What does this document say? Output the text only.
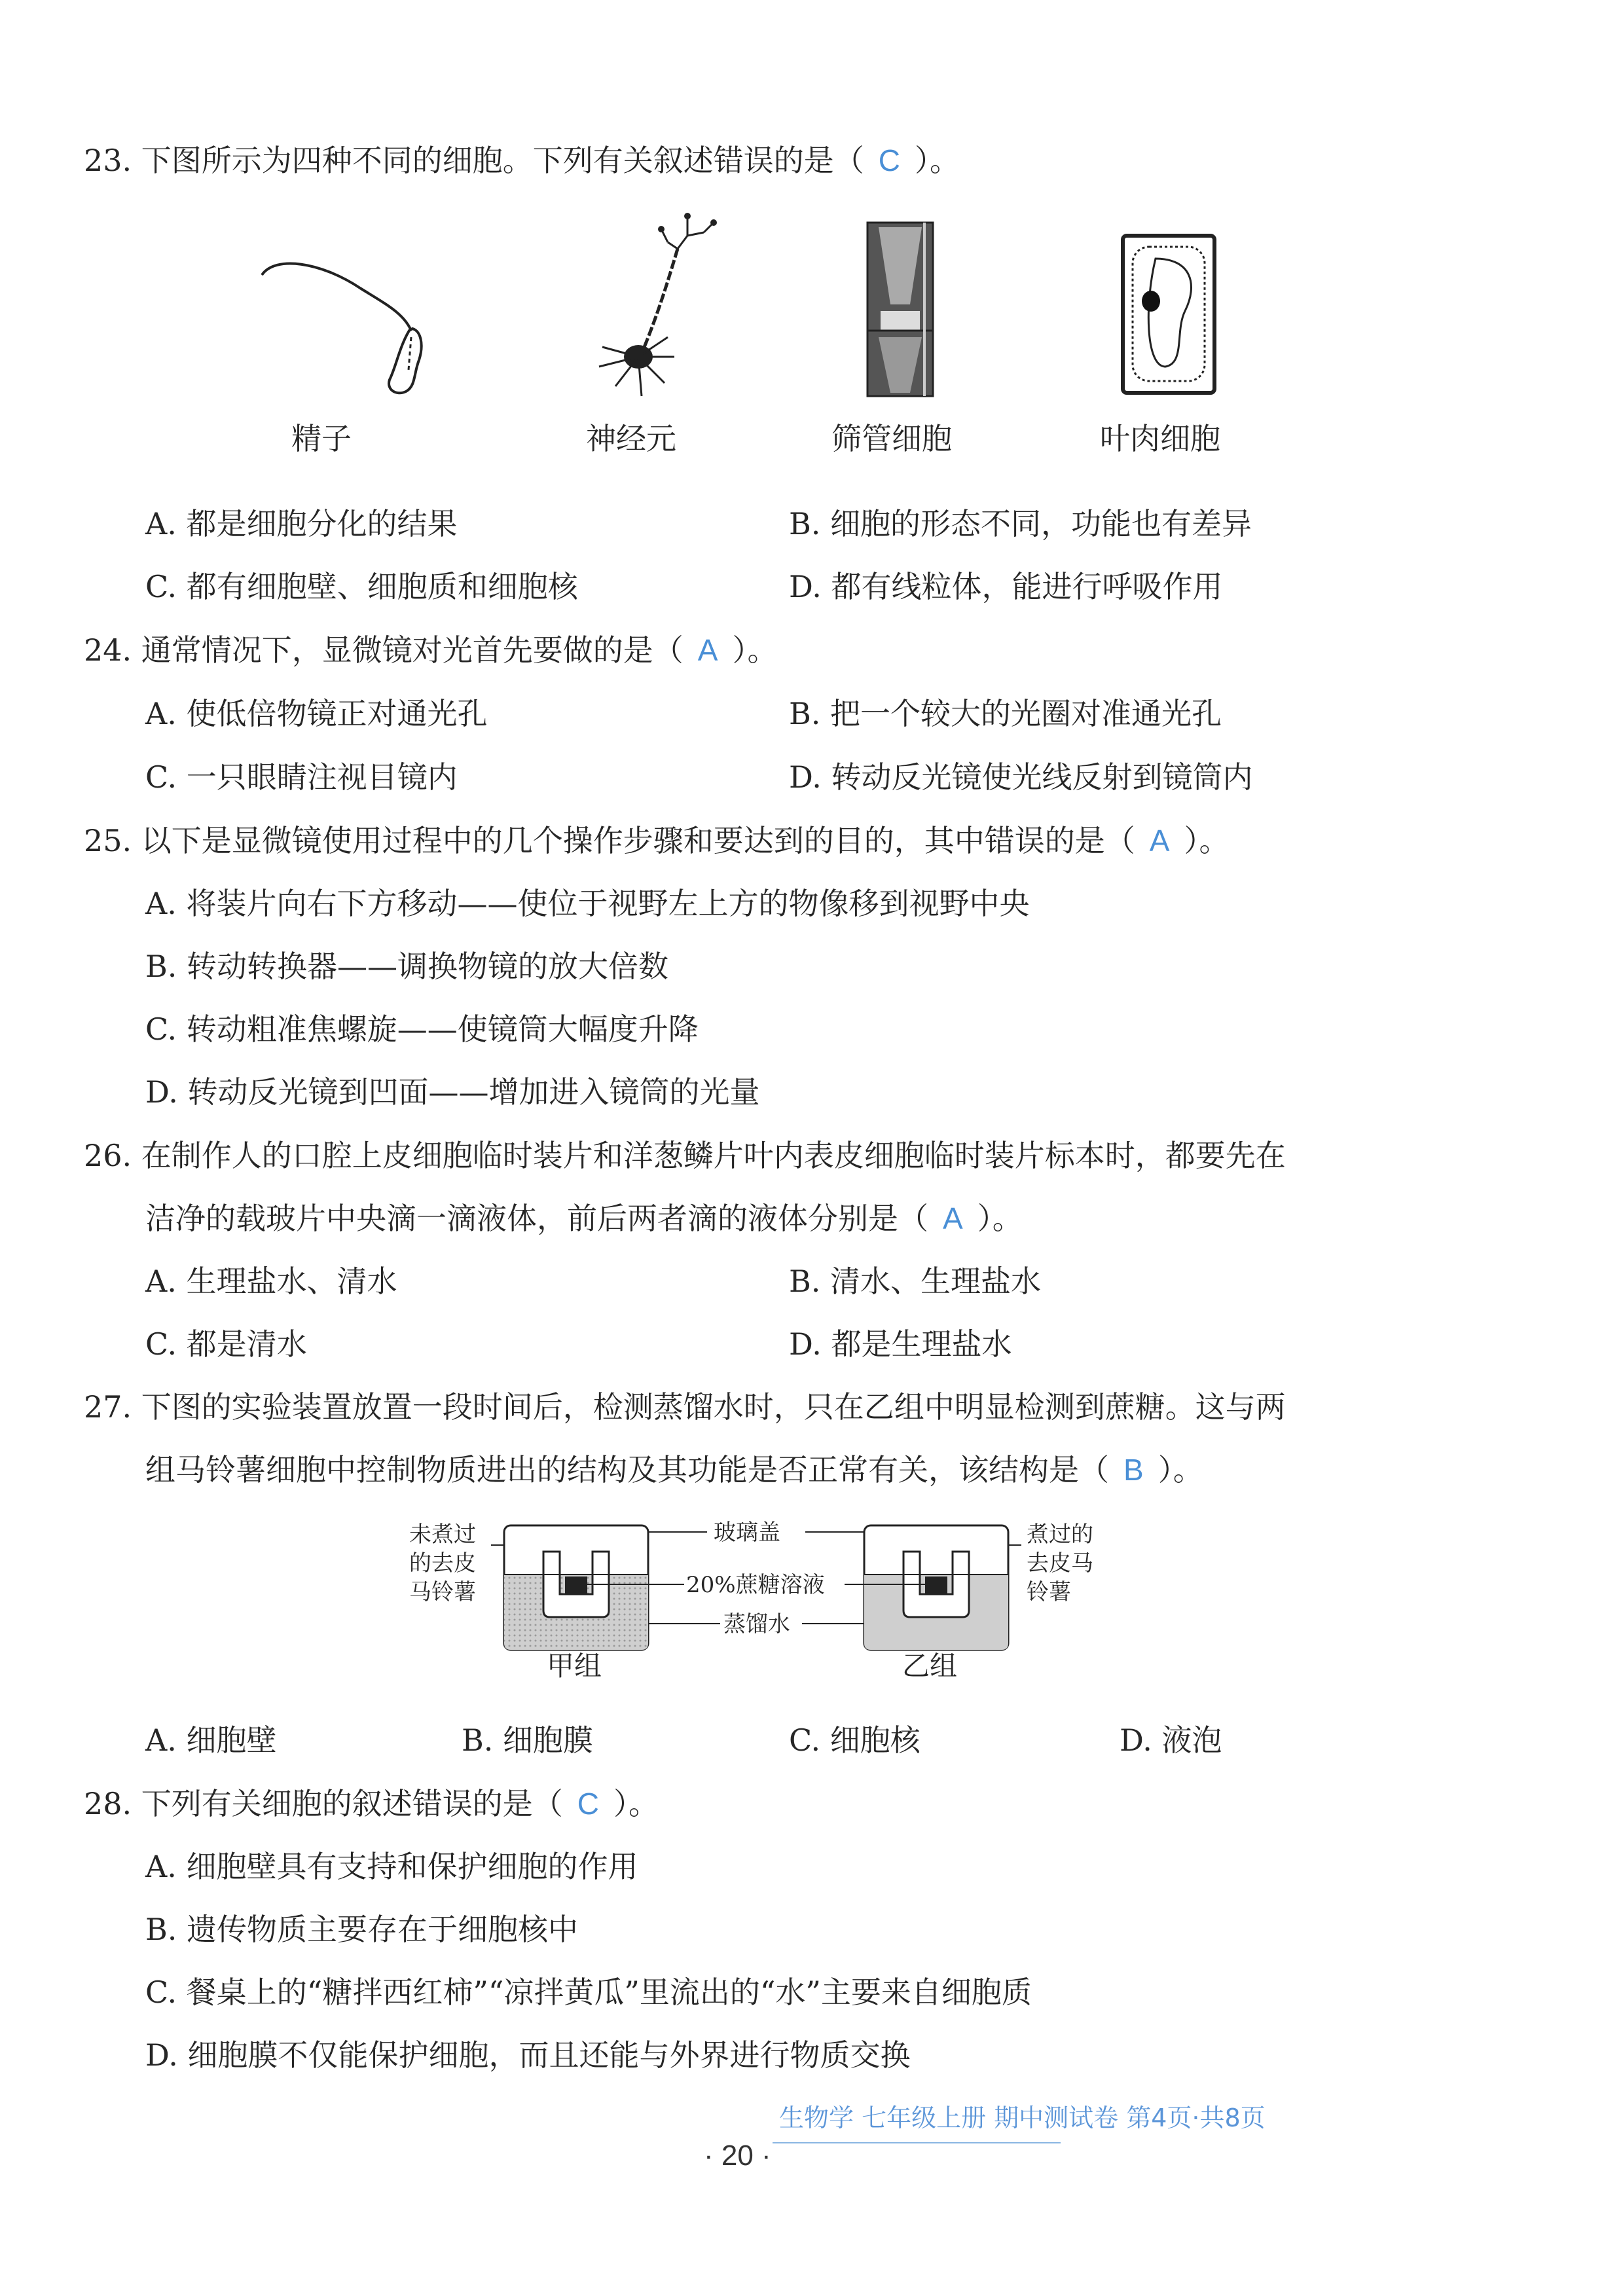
23. 下图所示为四种不同的细胞。下列有关叙述错误的是（ C ）。
精子	神经元	筛管细胞	叶肉细胞
A. 都是细胞分化的结果	B. 细胞的形态不同，功能也有差异
C. 都有细胞壁、细胞质和细胞核	D. 都有线粒体，能进行呼吸作用
24. 通常情况下，显微镜对光首先要做的是（ A ）。
A. 使低倍物镜正对通光孔	B. 把一个较大的光圈对准通光孔
C. 一只眼睛注视目镜内	D. 转动反光镜使光线反射到镜筒内
25. 以下是显微镜使用过程中的几个操作步骤和要达到的目的，其中错误的是（ A ）。
A. 将装片向右下方移动——使位于视野左上方的物像移到视野中央
B. 转动转换器——调换物镜的放大倍数
C. 转动粗准焦螺旋——使镜筒大幅度升降
D. 转动反光镜到凹面——增加进入镜筒的光量
26. 在制作人的口腔上皮细胞临时装片和洋葱鳞片叶内表皮细胞临时装片标本时，都要先在
洁净的载玻片中央滴一滴液体，前后两者滴的液体分别是（ A ）。
A. 生理盐水、清水	B. 清水、生理盐水
C. 都是清水	D. 都是生理盐水
27. 下图的实验装置放置一段时间后，检测蒸馏水时，只在乙组中明显检测到蔗糖。这与两
组马铃薯细胞中控制物质进出的结构及其功能是否正常有关，该结构是（ B ）。
未煮过
的去皮
马铃薯
煮过的
去皮马
铃薯
玻璃盖
20%蔗糖溶液
蒸馏水
甲组	乙组
A. 细胞壁	B. 细胞膜	C. 细胞核	D. 液泡
28. 下列有关细胞的叙述错误的是（ C ）。
A. 细胞壁具有支持和保护细胞的作用
B. 遗传物质主要存在于细胞核中
C. 餐桌上的“糖拌西红柿”“凉拌黄瓜”里流出的“水”主要来自细胞质
D. 细胞膜不仅能保护细胞，而且还能与外界进行物质交换
生物学 七年级上册 期中测试卷 第4页·共8页
· 20 ·
